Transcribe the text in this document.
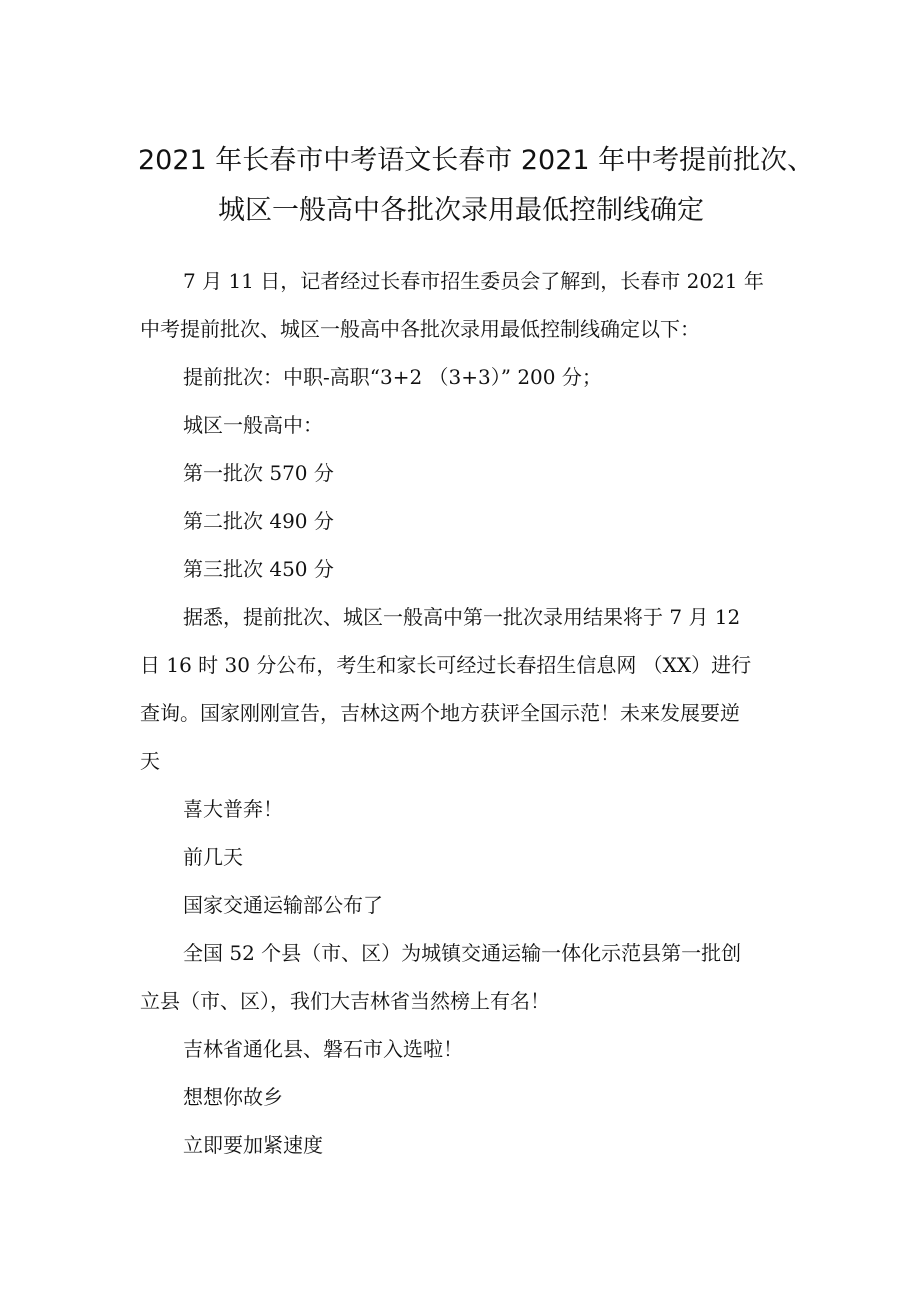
2021 年长春市中考语文长春市 2021 年中考提前批次、
城区一般高中各批次录用最低控制线确定

7 月 11 日，记者经过长春市招生委员会了解到，长春市 2021 年
中考提前批次、城区一般高中各批次录用最低控制线确定以下：

提前批次：中职-高职“3+2 （3+3）” 200 分；

城区一般高中：

第一批次 570 分

第二批次 490 分

第三批次 450 分

据悉，提前批次、城区一般高中第一批次录用结果将于 7 月 12
日 16 时 30 分公布，考生和家长可经过长春招生信息网 （XX）进行
查询。国家刚刚宣告，吉林这两个地方获评全国示范！未来发展要逆
天

喜大普奔！

前几天

国家交通运输部公布了

全国 52 个县（市、区）为城镇交通运输一体化示范县第一批创
立县（市、区），我们大吉林省当然榜上有名！

吉林省通化县、磐石市入选啦！

想想你故乡

立即要加紧速度
